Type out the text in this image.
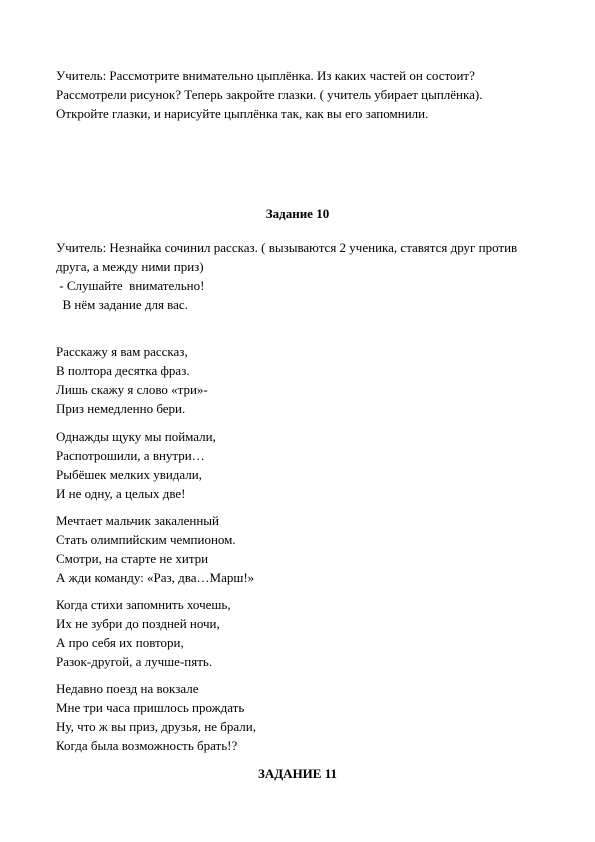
Учитель: Рассмотрите внимательно цыплёнка. Из каких частей он состоит?
Рассмотрели рисунок? Теперь закройте глазки. ( учитель убирает цыплёнка).
Откройте глазки, и нарисуйте цыплёнка так, как вы его запомнили.
Задание 10
Учитель: Незнайка сочинил рассказ. ( вызываются 2 ученика, ставятся друг против
друга, а между ними приз)
- Слушайте  внимательно!
В нём задание для вас.
Расскажу я вам рассказ,
В полтора десятка фраз.
Лишь скажу я слово «три»-
Приз немедленно бери.
Однажды щуку мы поймали,
Распотрошили, а внутри…
Рыбёшек мелких увидали,
И не одну, а целых две!
Мечтает мальчик закаленный
Стать олимпийским чемпионом.
Смотри, на старте не хитри
А жди команду: «Раз, два…Марш!»
Когда стихи запомнить хочешь,
Их не зубри до поздней ночи,
А про себя их повтори,
Разок-другой, а лучше-пять.
Недавно поезд на вокзале
Мне три часа пришлось прождать
Ну, что ж вы приз, друзья, не брали,
Когда была возможность брать!?
ЗАДАНИЕ 11
